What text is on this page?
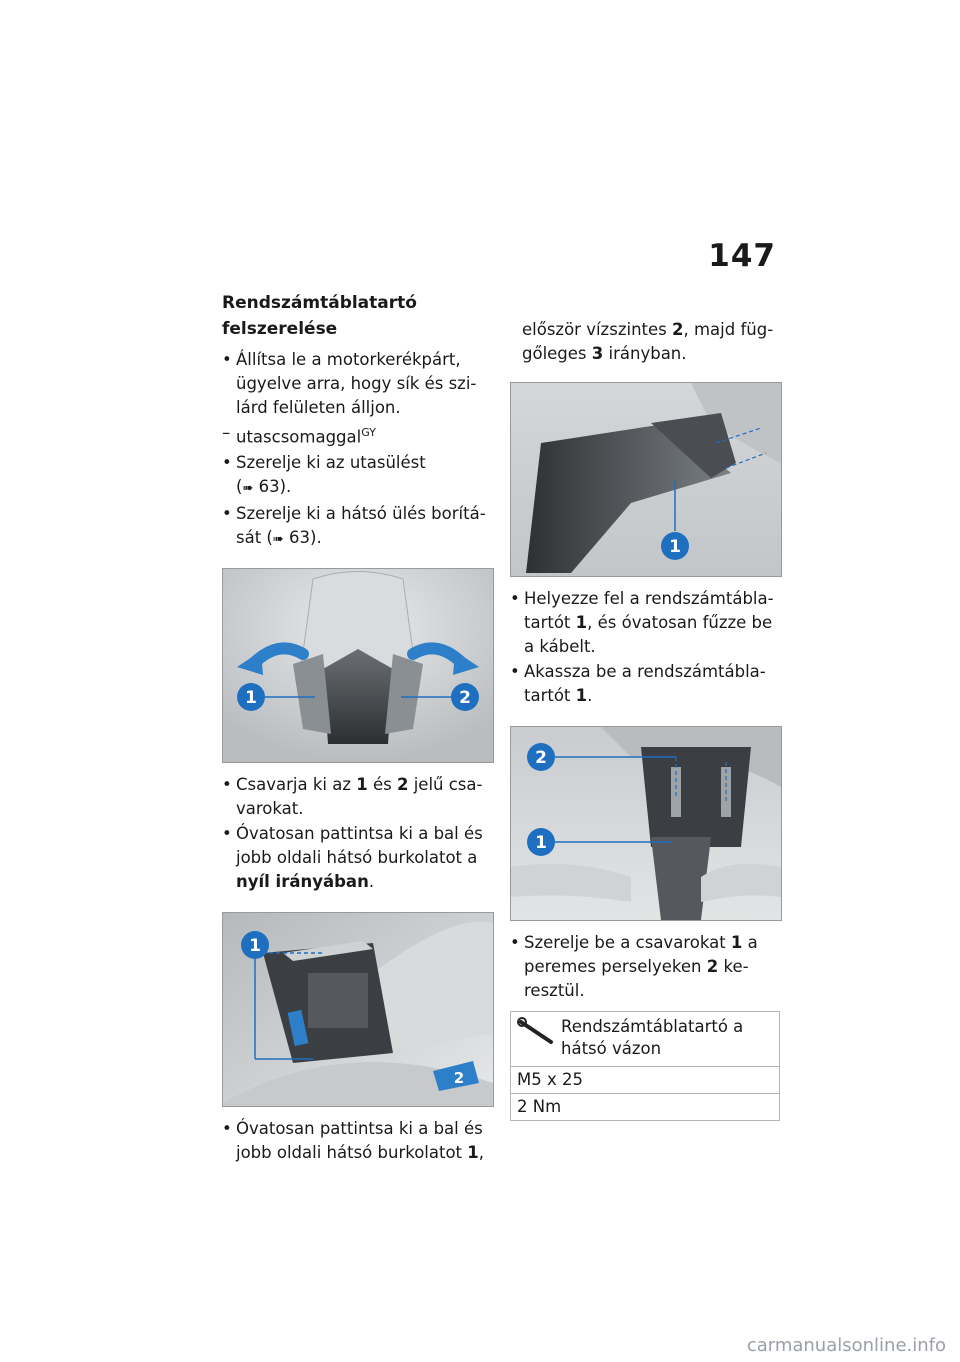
147
Rendszámtáblatartó felszerelése
• Állítsa le a motorkerékpárt, ügyelve arra, hogy sík és szi-lárd felületen álljon.
– utascsomaggal$^{GY}$
• Szerelje ki az utasülést
(➠ 63).
• Szerelje ki a hátsó ülés borítá-sát (➠ 63).
1	2
• Csavarja ki az 1 és 2 jelű csa-varokat.
• Óvatosan pattintsa ki a bal és jobb oldali hátsó burkolatot a nyíl irányában.
1
2
• Óvatosan pattintsa ki a bal és jobb oldali hátsó burkolatot 1,
először vízszintes 2, majd füg-gőleges 3 irányban.
1
• Helyezze fel a rendszámtábla-tartót 1, és óvatosan fűzze be a kábelt.
• Akassza be a rendszámtábla-tartót 1.
2
1
• Szerelje be a csavarokat 1 a peremes perselyeken 2 ke-resztül.
Rendszámtáblatartó a hátsó vázon
M5 x 25
2 Nm
carmanualsonline.info
